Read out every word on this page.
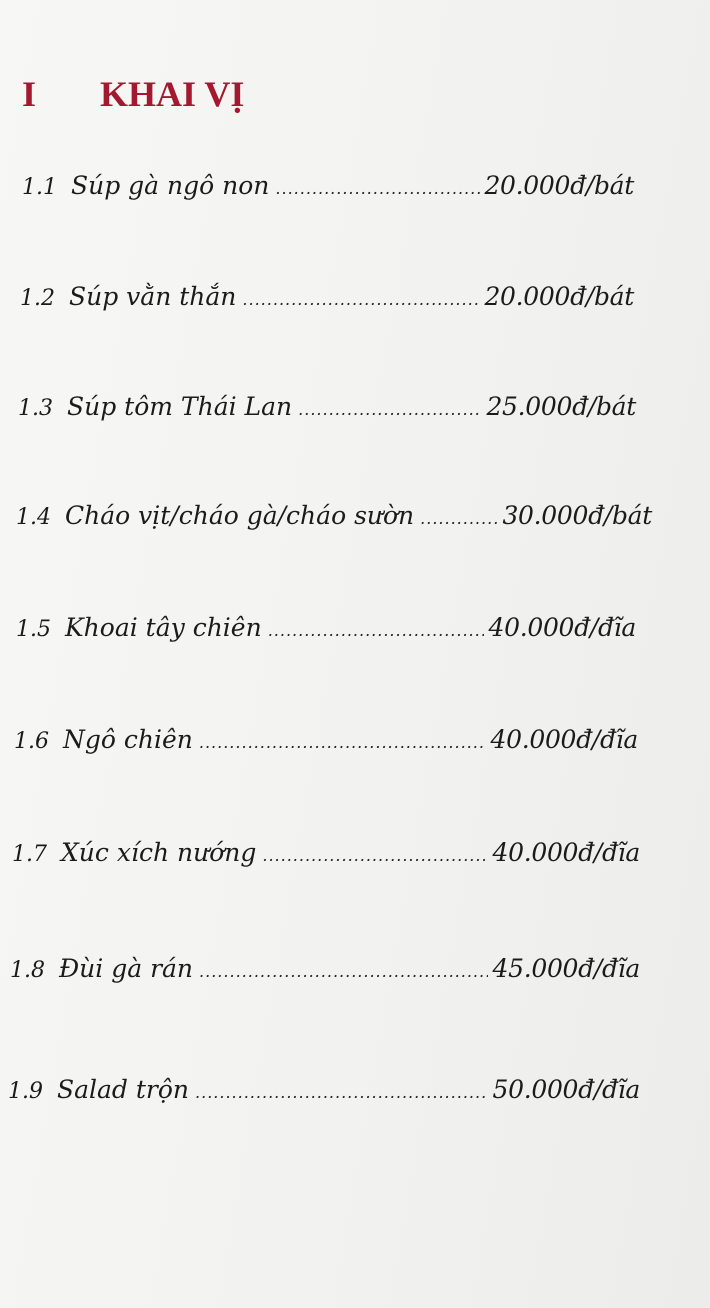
I KHAI VỊ
1.1 Súp gà ngô non .....	20.000đ/bát
1.2 Súp vằn thắn .....	20.000đ/bát
1.3 Súp tôm Thái Lan .....	25.000đ/bát
1.4 Cháo vịt/cháo gà/cháo sườn .....	30.000đ/bát
1.5 Khoai tây chiên .....	40.000đ/đĩa
1.6 Ngô chiên .....	40.000đ/đĩa
1.7 Xúc xích nướng .....	40.000đ/đĩa
1.8 Đùi gà rán .....	45.000đ/đĩa
1.9 Salad trộn .....	50.000đ/đĩa
